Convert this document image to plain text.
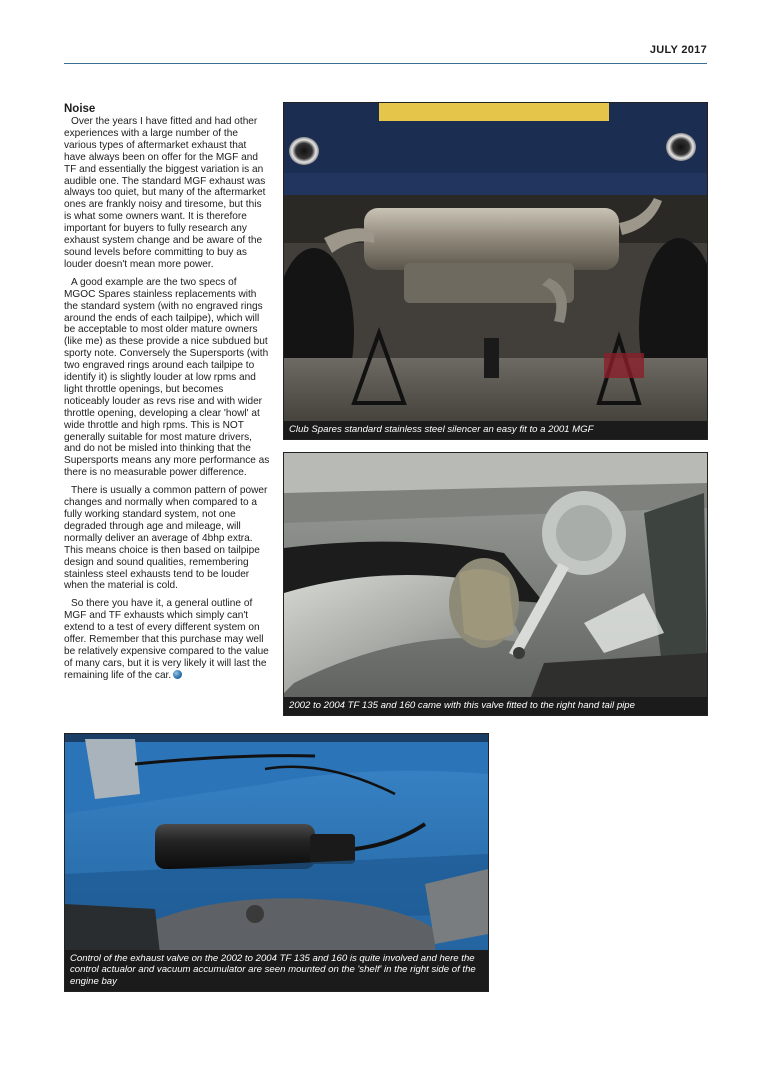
JULY 2017
Noise

Over the years I have fitted and had other experiences with a large number of the various types of aftermarket exhaust that have always been on offer for the MGF and TF and essentially the biggest variation is an audible one. The standard MGF exhaust was always too quiet, but many of the aftermarket ones are frankly noisy and tiresome, but this is what some owners want. It is therefore important for buyers to fully research any exhaust system change and be aware of the sound levels before committing to buy as louder doesn't mean more power.

A good example are the two specs of MGOC Spares stainless replacements with the standard system (with no engraved rings around the ends of each tailpipe), which will be acceptable to most older mature owners (like me) as these provide a nice subdued but sporty note. Conversely the Supersports (with two engraved rings around each tailpipe to identify it) is slightly louder at low rpms and light throttle openings, but becomes noticeably louder as revs rise and with wider throttle opening, developing a clear 'howl' at wide throttle and high rpms. This is NOT generally suitable for most mature drivers, and do not be misled into thinking that the Supersports means any more performance as there is no measurable power difference.

There is usually a common pattern of power changes and normally when compared to a fully working standard system, not one degraded through age and mileage, will normally deliver an average of 4bhp extra. This means choice is then based on tailpipe design and sound qualities, remembering stainless steel exhausts tend to be louder when the material is cold.

So there you have it, a general outline of MGF and TF exhausts which simply can't extend to a test of every different system on offer. Remember that this purchase may well be relatively expensive compared to the value of many cars, but it is very likely it will last the remaining life of the car.

Club Spares standard stainless steel silencer an easy fit to a 2001 MGF
2002 to 2004 TF 135 and 160 came with this valve fitted to the right hand tail pipe
Control of the exhaust valve on the 2002 to 2004 TF 135 and 160 is quite involved and here the control actualor and vacuum accumulator are seen mounted on the 'shelf' in the right side of the engine bay
